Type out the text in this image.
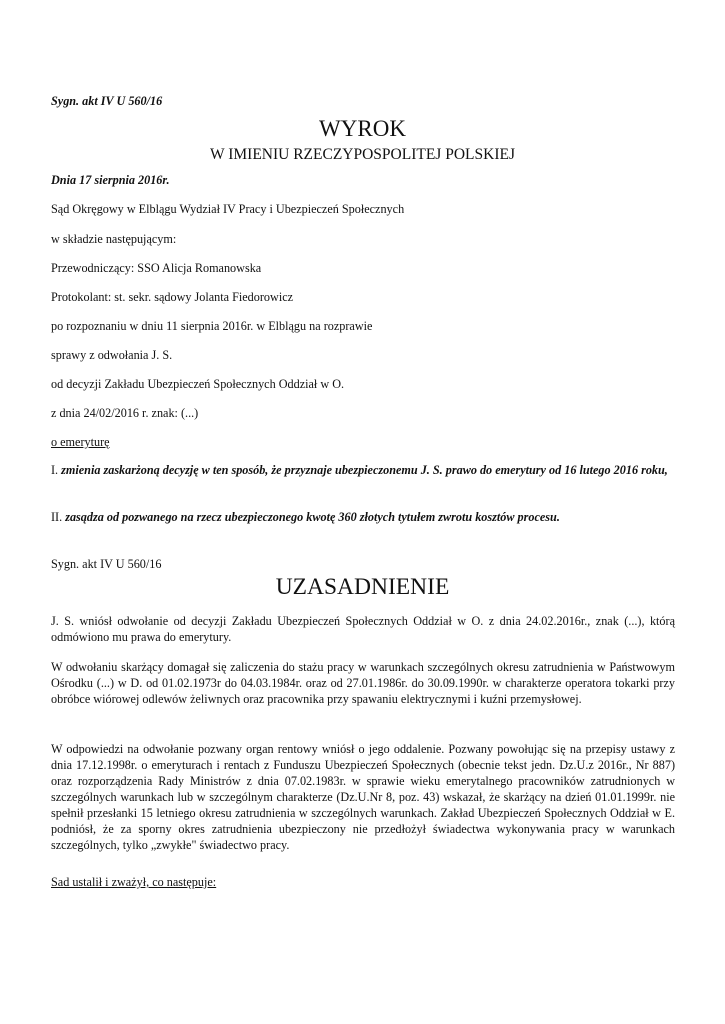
Sygn. akt IV U 560/16
WYROK
W IMIENIU RZECZYPOSPOLITEJ POLSKIEJ
Dnia 17 sierpnia 2016r.
Sąd Okręgowy w Elblągu Wydział IV Pracy i Ubezpieczeń Społecznych
w składzie następującym:
Przewodniczący: SSO Alicja Romanowska
Protokolant: st. sekr. sądowy Jolanta Fiedorowicz
po rozpoznaniu w dniu 11 sierpnia 2016r. w Elblągu na rozprawie
sprawy z odwołania J. S.
od decyzji Zakładu Ubezpieczeń Społecznych Oddział w O.
z dnia 24/02/2016 r. znak: (...)
o emeryturę
I. zmienia zaskarżoną decyzję w ten sposób, że przyznaje ubezpieczonemu J. S. prawo do emerytury od 16 lutego 2016 roku,
II. zasądza od pozwanego na rzecz ubezpieczonego kwotę 360 złotych tytułem zwrotu kosztów procesu.
Sygn. akt IV U 560/16
UZASADNIENIE
J. S. wniósł odwołanie od decyzji Zakładu Ubezpieczeń Społecznych Oddział w O. z dnia 24.02.2016r., znak (...), którą odmówiono mu prawa do emerytury.
W odwołaniu skarżący domagał się zaliczenia do stażu pracy w warunkach szczególnych okresu zatrudnienia w Państwowym Ośrodku (...) w D. od 01.02.1973r do 04.03.1984r. oraz od 27.01.1986r. do 30.09.1990r. w charakterze operatora tokarki przy obróbce wiórowej odlewów żeliwnych oraz pracownika przy spawaniu elektrycznymi i kuźni przemysłowej.
W odpowiedzi na odwołanie pozwany organ rentowy wniósł o jego oddalenie. Pozwany powołując się na przepisy ustawy z dnia 17.12.1998r. o emeryturach i rentach z Funduszu Ubezpieczeń Społecznych (obecnie tekst jedn. Dz.U.z 2016r., Nr 887) oraz rozporządzenia Rady Ministrów z dnia 07.02.1983r. w sprawie wieku emerytalnego pracowników zatrudnionych w szczególnych warunkach lub w szczególnym charakterze (Dz.U.Nr 8, poz. 43) wskazał, że skarżący na dzień 01.01.1999r. nie spełnił przesłanki 15 letniego okresu zatrudnienia w szczególnych warunkach. Zakład Ubezpieczeń Społecznych Oddział w E. podniósł, że za sporny okres zatrudnienia ubezpieczony nie przedłożył świadectwa wykonywania pracy w warunkach szczególnych, tylko „zwykłe" świadectwo pracy.
Sad ustalił i zważył, co następuje:
